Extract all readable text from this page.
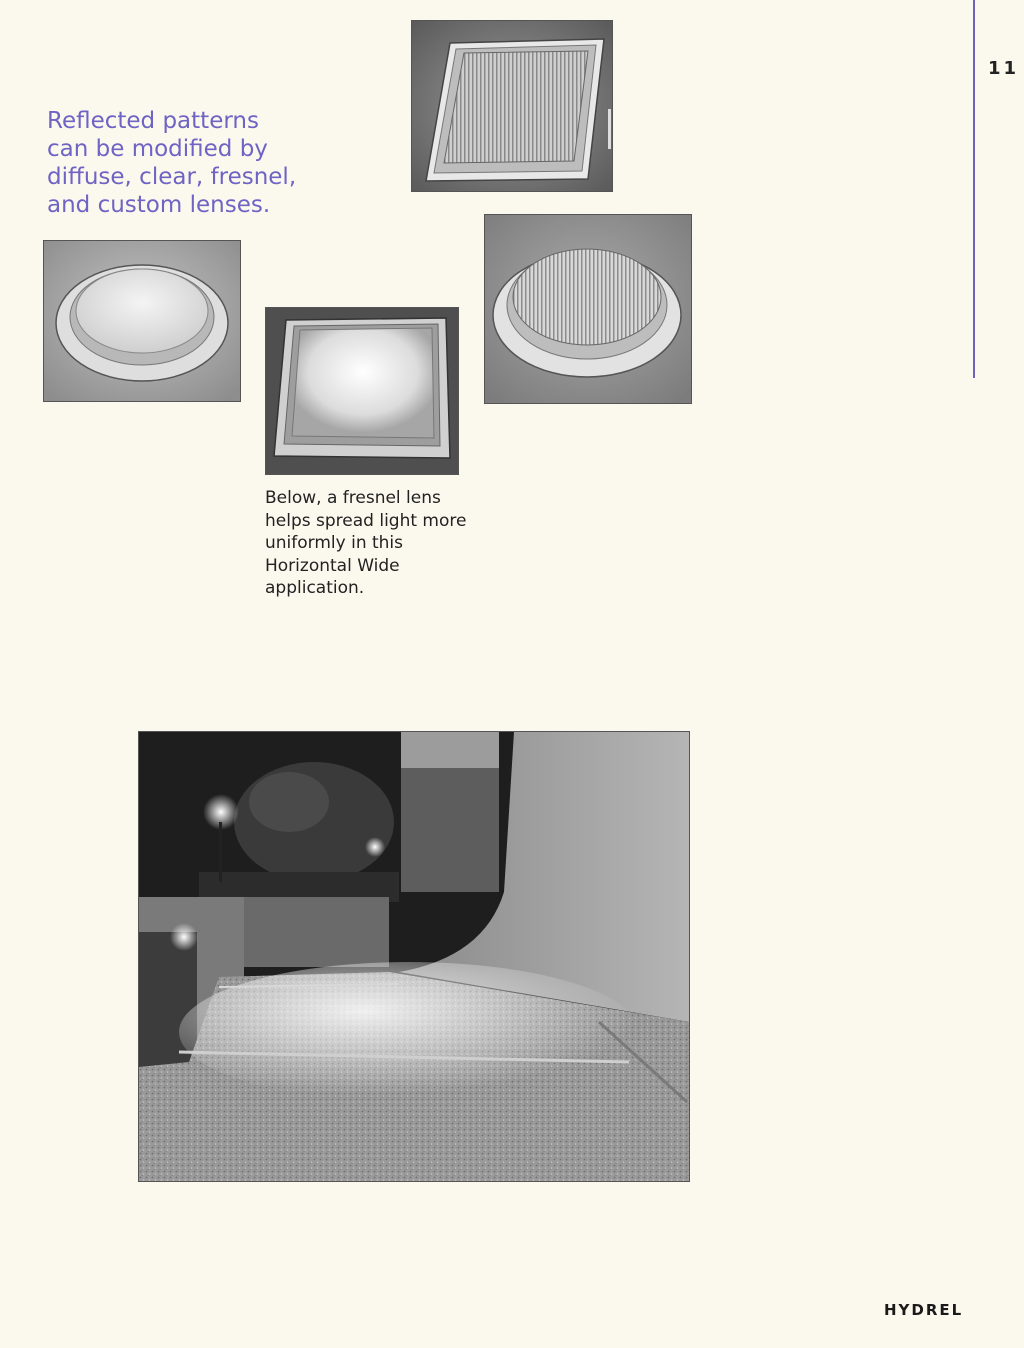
11
Reflected patterns
can be modified by
diffuse, clear, fresnel,
and custom lenses.
Below, a fresnel lens
helps spread light more
uniformly in this
Horizontal Wide
application.
HYDREL
